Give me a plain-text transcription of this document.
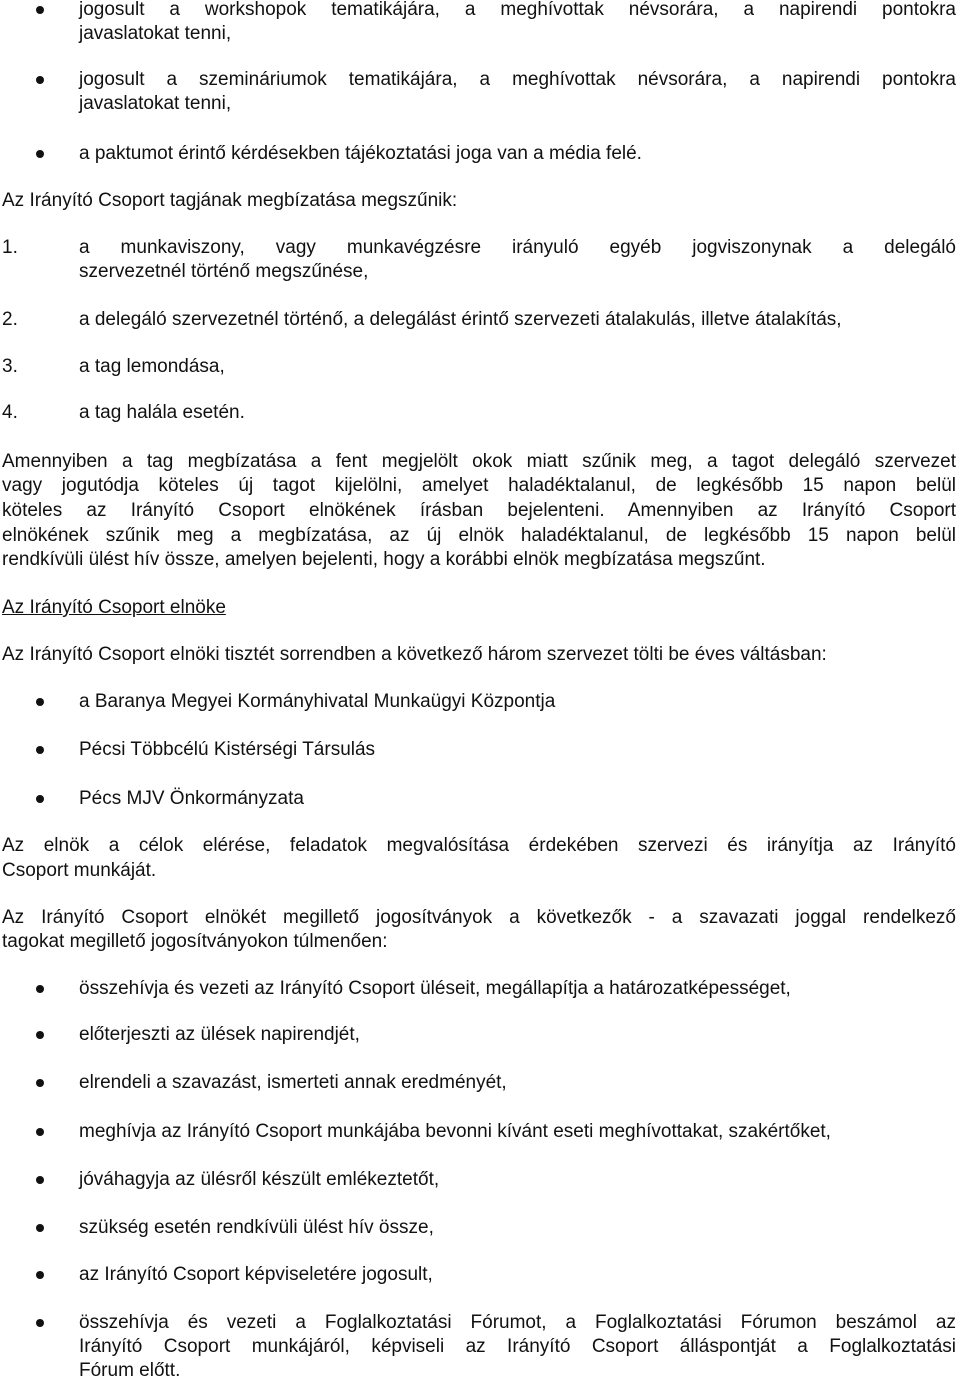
jogosult a workshopok tematikájára, a meghívottak névsorára, a napirendi pontokra
javaslatokat tenni,
jogosult a szemináriumok tematikájára, a meghívottak névsorára, a napirendi pontokra
javaslatokat tenni,
a paktumot érintő kérdésekben tájékoztatási joga van a média felé.
Az Irányító Csoport tagjának megbízatása megszűnik:
1.	a munkaviszony, vagy munkavégzésre irányuló egyéb jogviszonynak a delegáló
szervezetnél történő megszűnése,
2.	a delegáló szervezetnél történő, a delegálást érintő szervezeti átalakulás, illetve átalakítás,
3.	a tag lemondása,
4.	a tag halála esetén.
Amennyiben a tag megbízatása a fent megjelölt okok miatt szűnik meg, a tagot delegáló szervezet
vagy jogutódja köteles új tagot kijelölni, amelyet haladéktalanul, de legkésőbb 15 napon belül
köteles az Irányító Csoport elnökének írásban bejelenteni. Amennyiben az Irányító Csoport
elnökének szűnik meg a megbízatása, az új elnök haladéktalanul, de legkésőbb 15 napon belül
rendkívüli ülést hív össze, amelyen bejelenti, hogy a korábbi elnök megbízatása megszűnt.
Az Irányító Csoport elnöke
Az Irányító Csoport elnöki tisztét sorrendben a következő három szervezet tölti be éves váltásban:
a Baranya Megyei Kormányhivatal Munkaügyi Központja
Pécsi Többcélú Kistérségi Társulás
Pécs MJV Önkormányzata
Az elnök a célok elérése, feladatok megvalósítása érdekében szervezi és irányítja az Irányító
Csoport munkáját.
Az Irányító Csoport elnökét megillető jogosítványok a következők - a szavazati joggal rendelkező
tagokat megillető jogosítványokon túlmenően:
összehívja és vezeti az Irányító Csoport üléseit, megállapítja a határozatképességet,
előterjeszti az ülések napirendjét,
elrendeli a szavazást, ismerteti annak eredményét,
meghívja az Irányító Csoport munkájába bevonni kívánt eseti meghívottakat, szakértőket,
jóváhagyja az ülésről készült emlékeztetőt,
szükség esetén rendkívüli ülést hív össze,
az Irányító Csoport képviseletére jogosult,
összehívja és vezeti a Foglalkoztatási Fórumot, a Foglalkoztatási Fórumon beszámol az
Irányító Csoport munkájáról, képviseli az Irányító Csoport álláspontját a Foglalkoztatási
Fórum előtt.
